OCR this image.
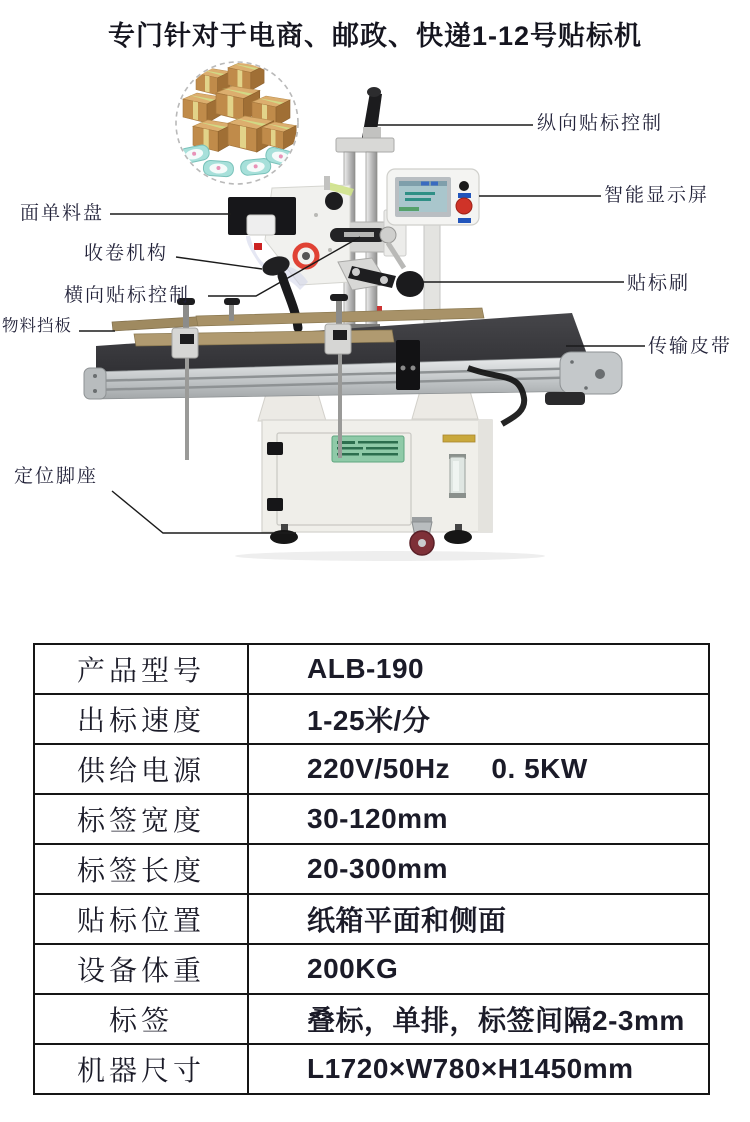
专门针对于电商、邮政、快递1-12号贴标机
纵向贴标控制
智能显示屏
贴标刷
传输皮带
面单料盘
收卷机构
横向贴标控制
物料挡板
定位脚座
产品型号	ALB-190
出标速度	1-25米/分
供给电源	220V/50Hz     0. 5KW
标签宽度	30-120mm
标签长度	20-300mm
贴标位置	纸箱平面和侧面
设备体重	200KG
标签	叠标，单排，标签间隔2-3mm
机器尺寸	L1720×W780×H1450mm
